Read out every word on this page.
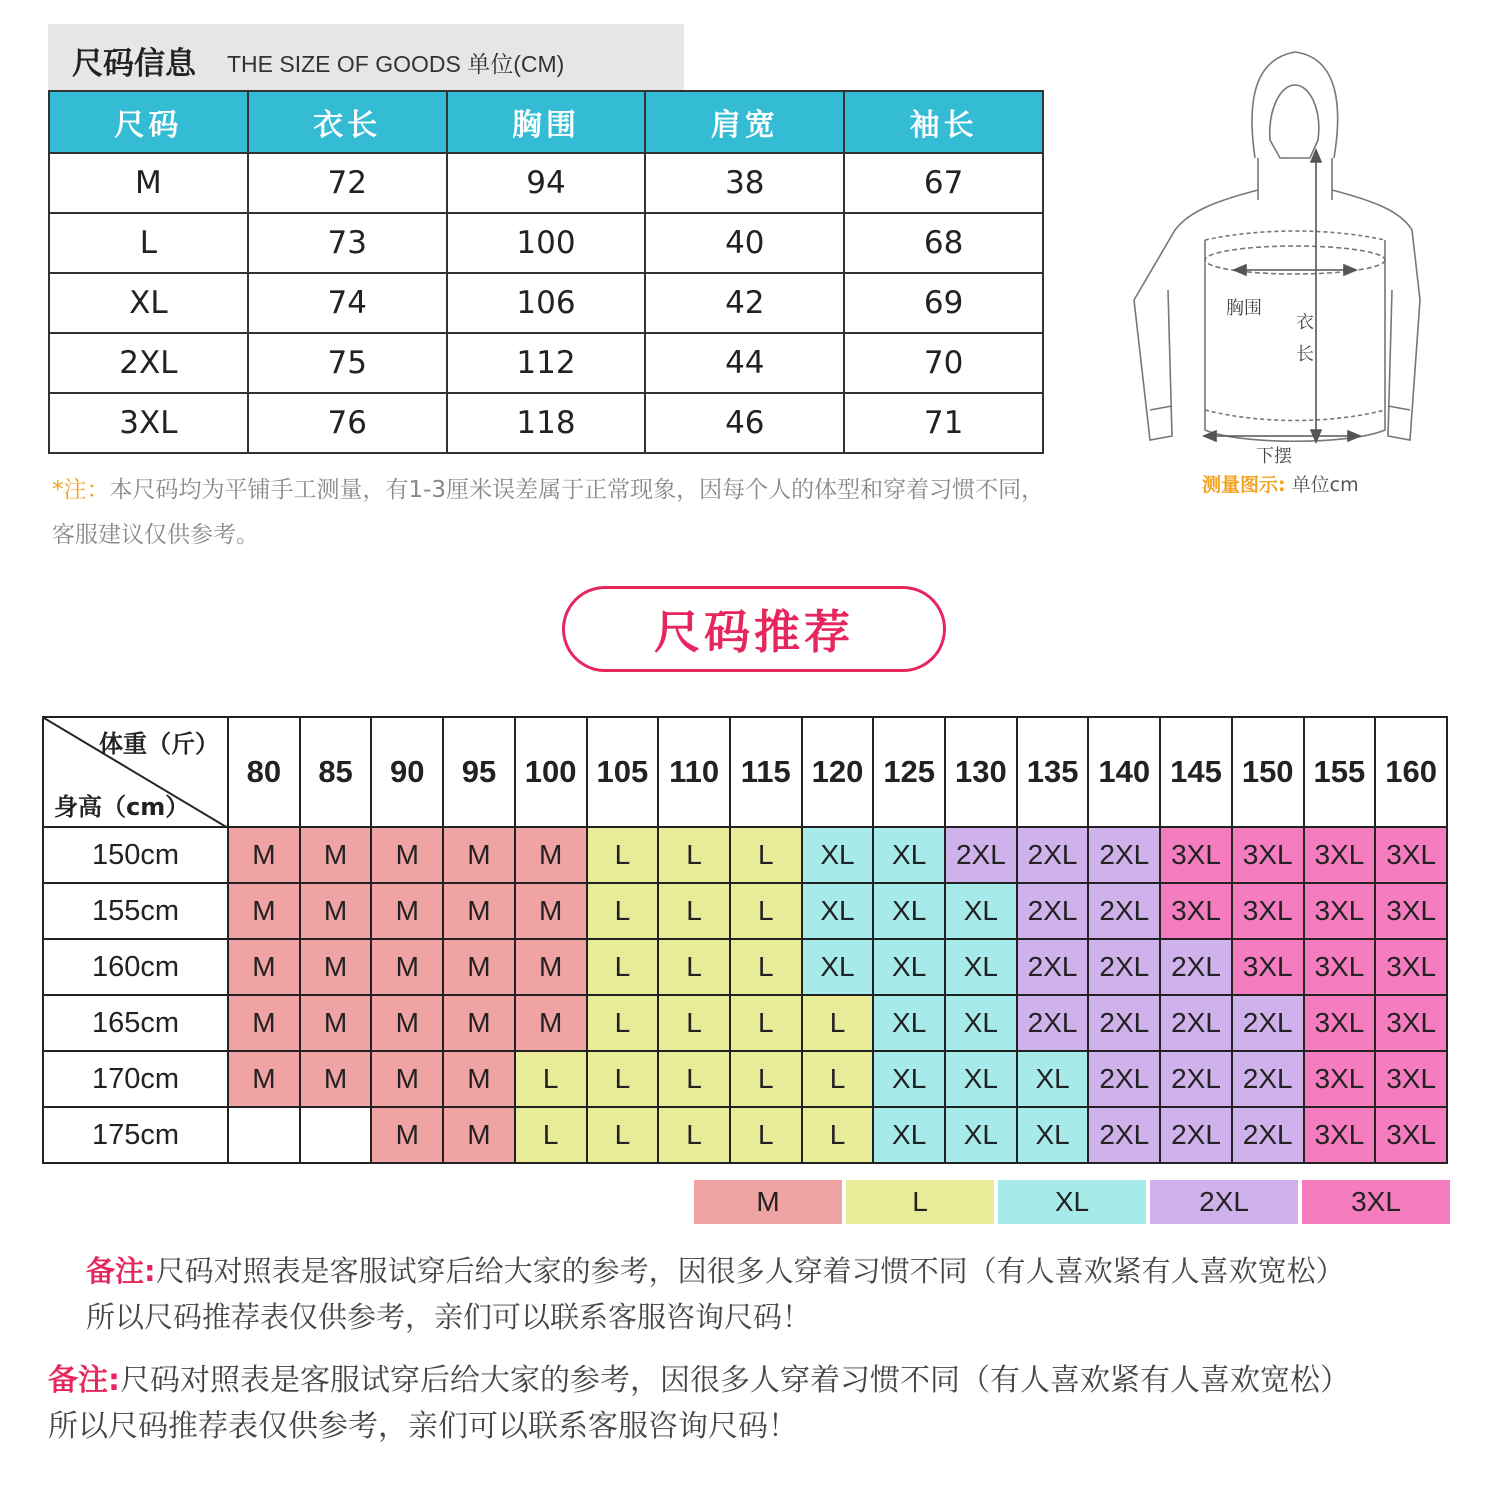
尺码信息 THE SIZE OF GOODS 单位(CM)
尺码	衣长	胸围	肩宽	袖长
M	72	94	38	67
L	73	100	40	68
XL	74	106	42	69
2XL	75	112	44	70
3XL	76	118	46	71
*注：本尺码均为平铺手工测量，有1-3厘米误差属于正常现象，因每个人的体型和穿着习惯不同，客服建议仅供参考。
胸围
衣
长
下摆
测量图示: 单位cm
尺码推荐
体重（斤）
身高（cm）	80	85	90	95	100	105	110	115	120	125	130	135	140	145	150	155	160
150cm	M	M	M	M	M	L	L	L	XL	XL	2XL	2XL	2XL	3XL	3XL	3XL	3XL
155cm	M	M	M	M	M	L	L	L	XL	XL	XL	2XL	2XL	3XL	3XL	3XL	3XL
160cm	M	M	M	M	M	L	L	L	XL	XL	XL	2XL	2XL	2XL	3XL	3XL	3XL
165cm	M	M	M	M	M	L	L	L	L	XL	XL	2XL	2XL	2XL	2XL	3XL	3XL
170cm	M	M	M	M	L	L	L	L	L	XL	XL	XL	2XL	2XL	2XL	3XL	3XL
175cm			M	M	L	L	L	L	L	XL	XL	XL	2XL	2XL	2XL	3XL	3XL
M	L	XL	2XL	3XL
备注:尺码对照表是客服试穿后给大家的参考，因很多人穿着习惯不同（有人喜欢紧有人喜欢宽松）
所以尺码推荐表仅供参考，亲们可以联系客服咨询尺码！
备注:尺码对照表是客服试穿后给大家的参考，因很多人穿着习惯不同（有人喜欢紧有人喜欢宽松）
所以尺码推荐表仅供参考，亲们可以联系客服咨询尺码！
